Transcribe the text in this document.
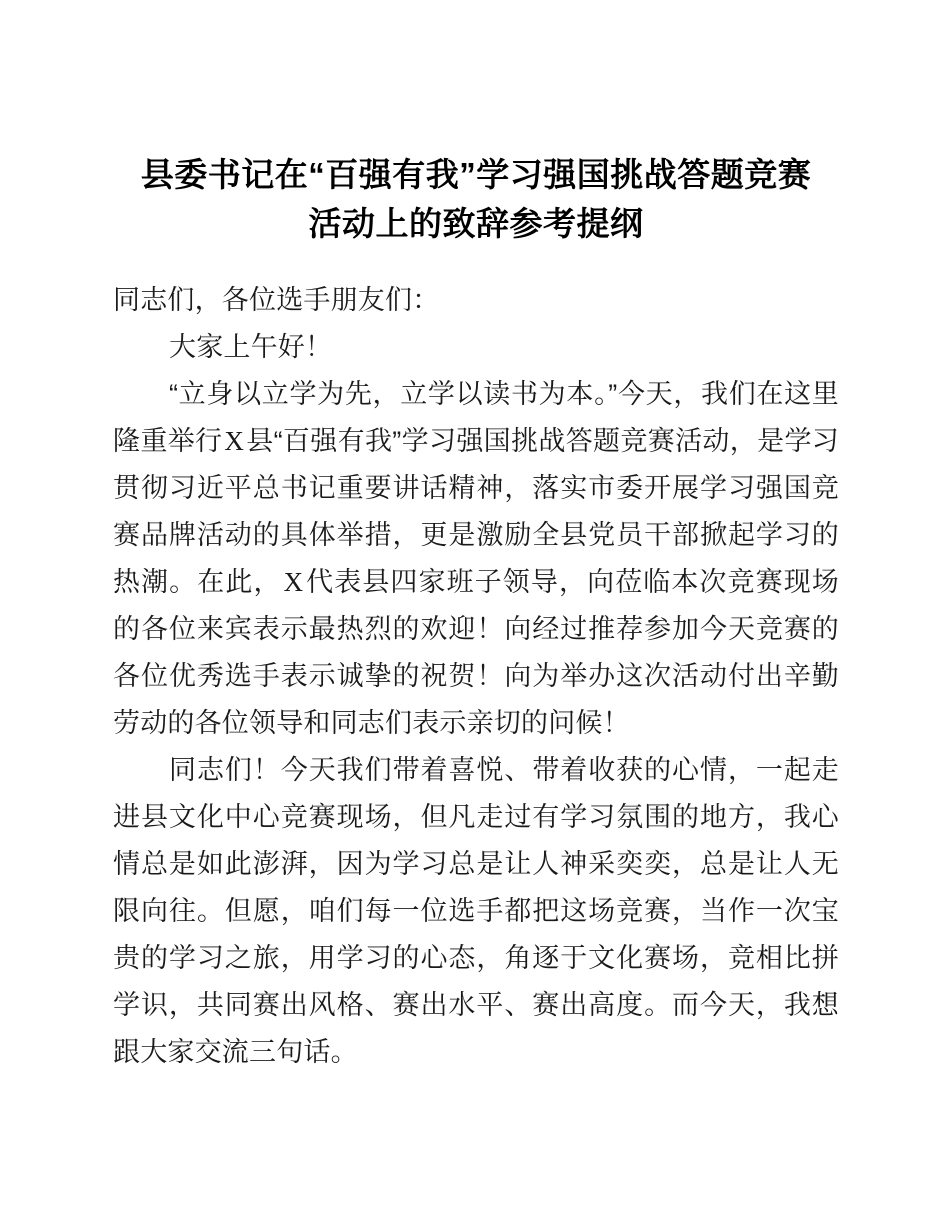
县委书记在“百强有我”学习强国挑战答题竞赛
活动上的致辞参考提纲

同志们，各位选手朋友们：

大家上午好！

“立身以立学为先，立学以读书为本。”今天，我们在这里隆重举行X县“百强有我”学习强国挑战答题竞赛活动，是学习贯彻习近平总书记重要讲话精神，落实市委开展学习强国竞赛品牌活动的具体举措，更是激励全县党员干部掀起学习的热潮。在此，X代表县四家班子领导，向莅临本次竞赛现场的各位来宾表示最热烈的欢迎！向经过推荐参加今天竞赛的各位优秀选手表示诚挚的祝贺！向为举办这次活动付出辛勤劳动的各位领导和同志们表示亲切的问候！

同志们！今天我们带着喜悦、带着收获的心情，一起走进县文化中心竞赛现场，但凡走过有学习氛围的地方，我心情总是如此澎湃，因为学习总是让人神采奕奕，总是让人无限向往。但愿，咱们每一位选手都把这场竞赛，当作一次宝贵的学习之旅，用学习的心态，角逐于文化赛场，竞相比拼学识，共同赛出风格、赛出水平、赛出高度。而今天，我想跟大家交流三句话。
